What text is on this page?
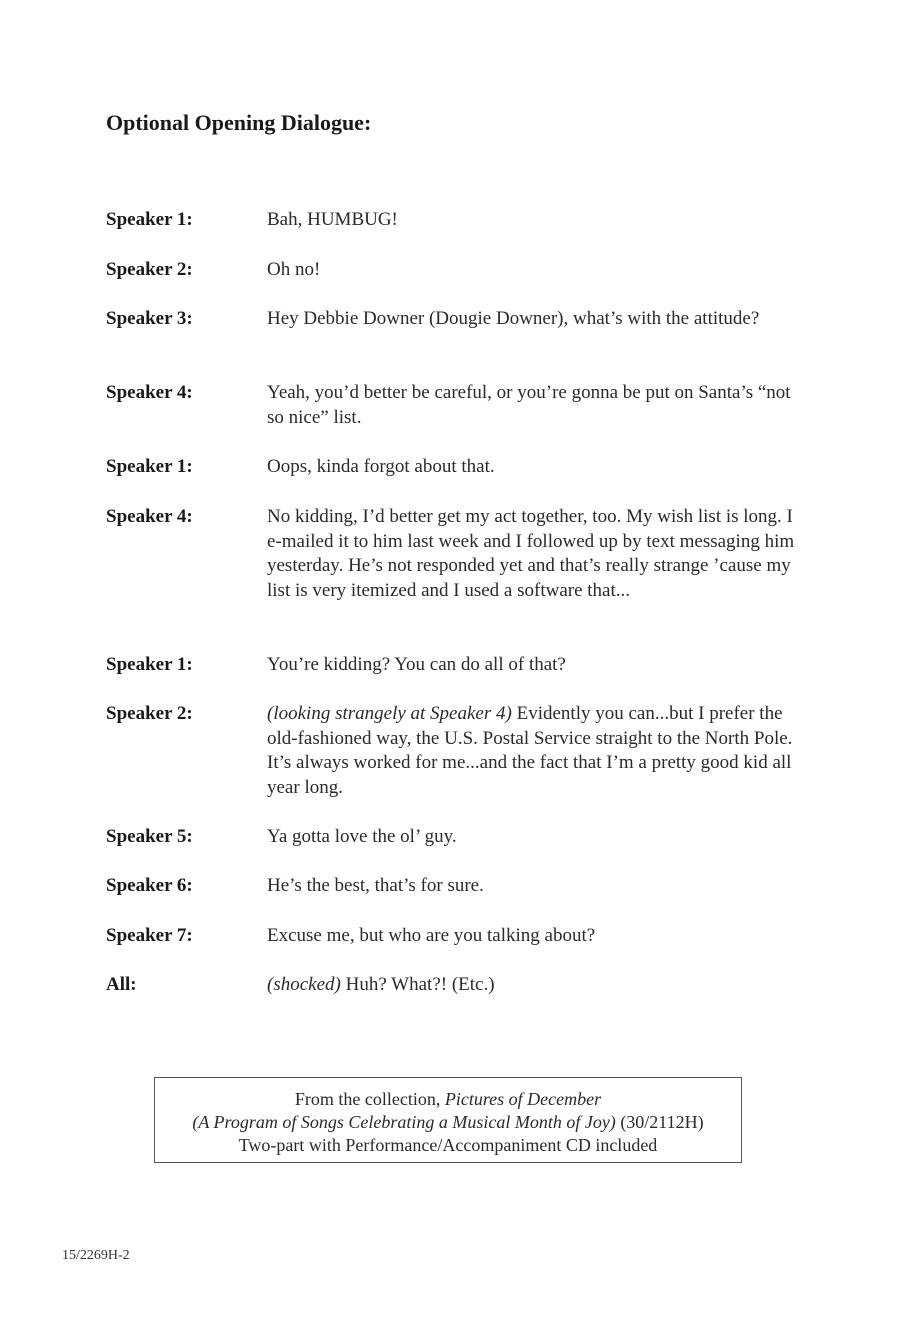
Optional Opening Dialogue:
Speaker 1:	Bah, HUMBUG!
Speaker 2:	Oh no!
Speaker 3:	Hey Debbie Downer (Dougie Downer), what’s with the attitude?
Speaker 4:	Yeah, you’d better be careful, or you’re gonna be put on Santa’s “not so nice” list.
Speaker 1:	Oops, kinda forgot about that.
Speaker 4:	No kidding, I’d better get my act together, too. My wish list is long. I e-mailed it to him last week and I followed up by text messaging him yesterday. He’s not responded yet and that’s really strange ’cause my list is very itemized and I used a software that...
Speaker 1:	You’re kidding? You can do all of that?
Speaker 2:	(looking strangely at Speaker 4) Evidently you can...but I prefer the old-fashioned way, the U.S. Postal Service straight to the North Pole. It’s always worked for me...and the fact that I’m a pretty good kid all year long.
Speaker 5:	Ya gotta love the ol’ guy.
Speaker 6:	He’s the best, that’s for sure.
Speaker 7:	Excuse me, but who are you talking about?
All:	(shocked) Huh? What?! (Etc.)
From the collection, Pictures of December
(A Program of Songs Celebrating a Musical Month of Joy) (30/2112H)
Two-part with Performance/Accompaniment CD included
15/2269H-2
